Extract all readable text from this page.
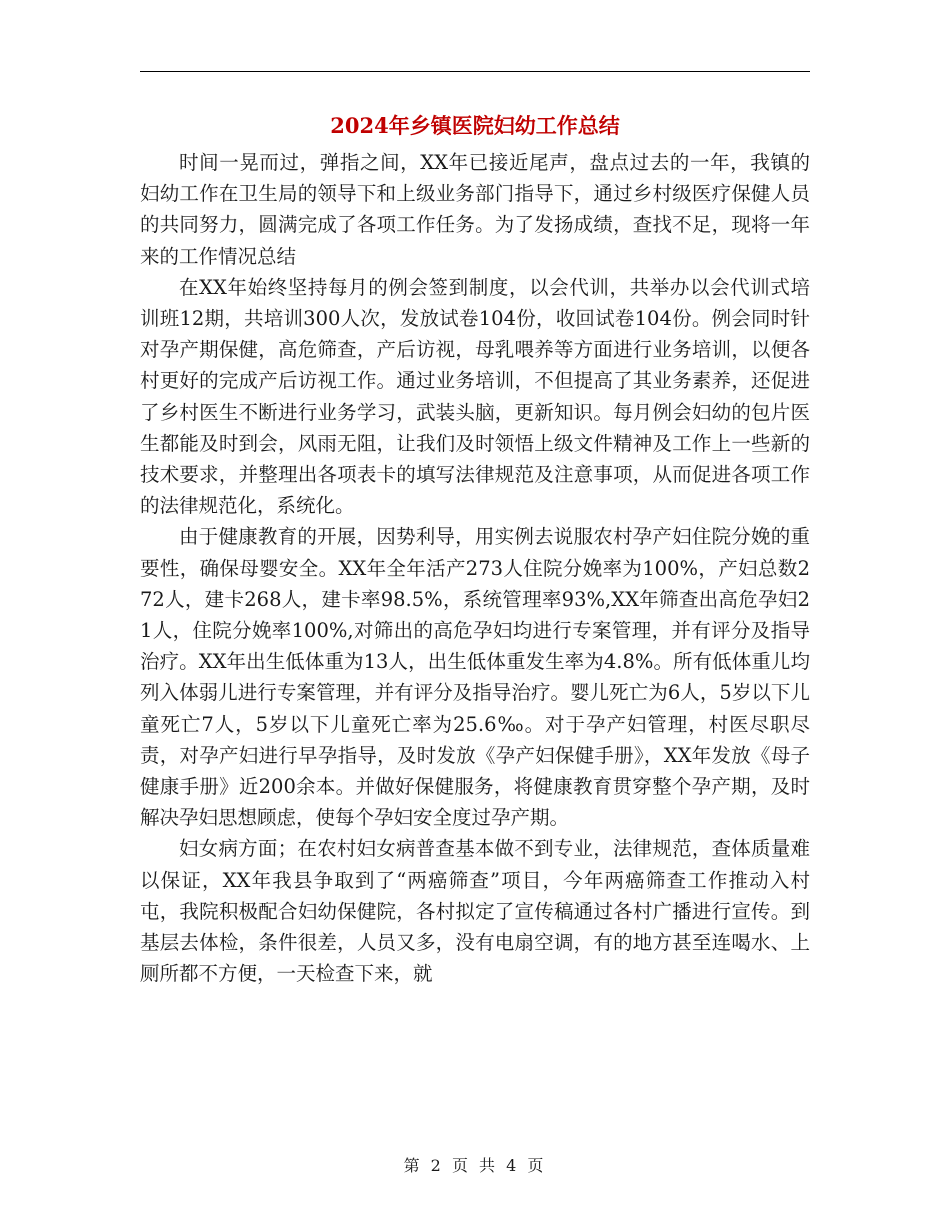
2024年乡镇医院妇幼工作总结

时间一晃而过，弹指之间，XX年已接近尾声，盘点过去的一年，我镇的妇幼工作在卫生局的领导下和上级业务部门指导下，通过乡村级医疗保健人员的共同努力，圆满完成了各项工作任务。为了发扬成绩，查找不足，现将一年来的工作情况总结

在XX年始终坚持每月的例会签到制度，以会代训，共举办以会代训式培训班12期，共培训300人次，发放试卷104份，收回试卷104份。例会同时针对孕产期保健，高危筛查，产后访视，母乳喂养等方面进行业务培训，以便各村更好的完成产后访视工作。通过业务培训，不但提高了其业务素养，还促进了乡村医生不断进行业务学习，武装头脑，更新知识。每月例会妇幼的包片医生都能及时到会，风雨无阻，让我们及时领悟上级文件精神及工作上一些新的技术要求，并整理出各项表卡的填写法律规范及注意事项，从而促进各项工作的法律规范化，系统化。

由于健康教育的开展，因势利导，用实例去说服农村孕产妇住院分娩的重要性，确保母婴安全。XX年全年活产273人住院分娩率为100%，产妇总数272人，建卡268人，建卡率98.5%，系统管理率93%,XX年筛查出高危孕妇21人，住院分娩率100%,对筛出的高危孕妇均进行专案管理，并有评分及指导治疗。XX年出生低体重为13人，出生低体重发生率为4.8%。所有低体重儿均列入体弱儿进行专案管理，并有评分及指导治疗。婴儿死亡为6人，5岁以下儿童死亡7人，5岁以下儿童死亡率为25.6‰。对于孕产妇管理，村医尽职尽责，对孕产妇进行早孕指导，及时发放《孕产妇保健手册》，XX年发放《母子健康手册》近200余本。并做好保健服务，将健康教育贯穿整个孕产期，及时解决孕妇思想顾虑，使每个孕妇安全度过孕产期。

妇女病方面；在农村妇女病普查基本做不到专业，法律规范，查体质量难以保证，XX年我县争取到了“两癌筛查”项目，今年两癌筛查工作推动入村屯，我院积极配合妇幼保健院，各村拟定了宣传稿通过各村广播进行宣传。到基层去体检，条件很差，人员又多，没有电扇空调，有的地方甚至连喝水、上厕所都不方便，一天检查下来，就

第 2 页 共 4 页
